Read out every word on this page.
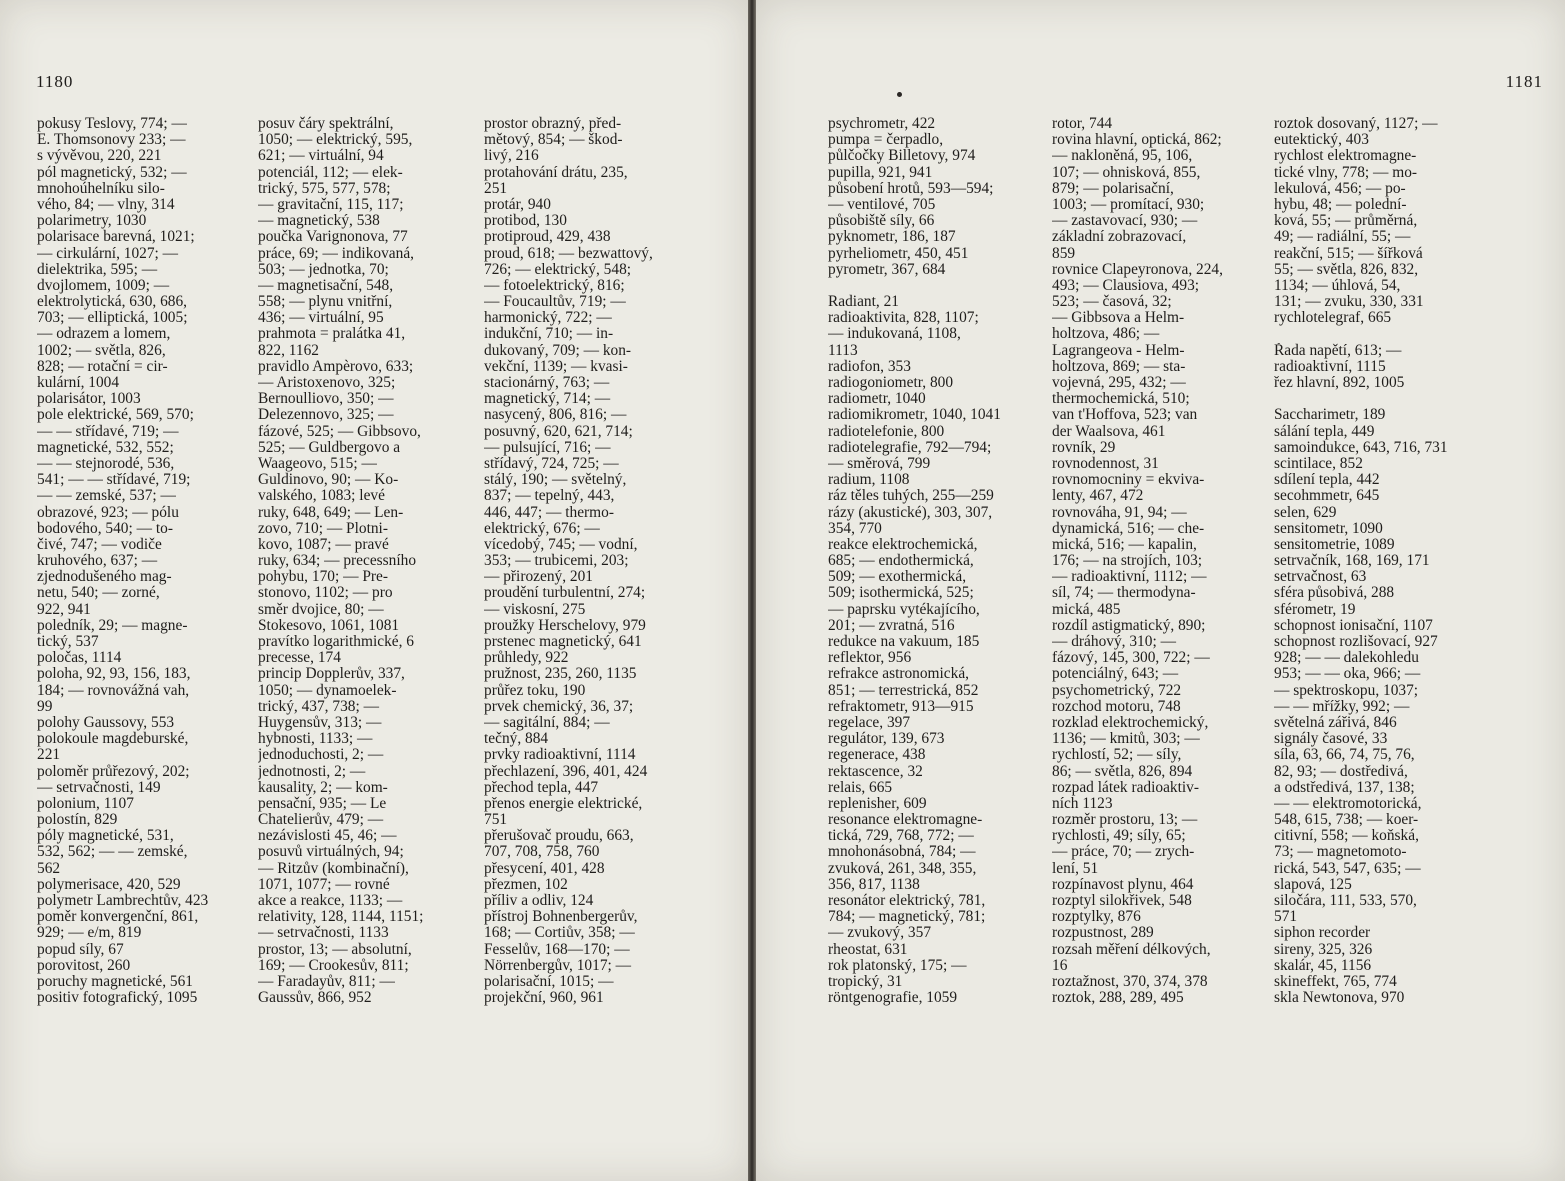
1180
pokusy Teslovy, 774; —
E. Thomsonovy 233; —
s vývěvou, 220, 221
pól magnetický, 532; —
mnohoúhelníku silo-
vého, 84; — vlny, 314
polarimetry, 1030
polarisace barevná, 1021;
— cirkulární, 1027; —
dielektrika, 595; —
dvojlomem, 1009; —
elektrolytická, 630, 686,
703; — elliptická, 1005;
— odrazem a lomem,
1002; — světla, 826,
828; — rotační = cir-
kulární, 1004
polarisátor, 1003
pole elektrické, 569, 570;
— — střídavé, 719; —
magnetické, 532, 552;
— — stejnorodé, 536,
541; — — střídavé, 719;
— — zemské, 537; —
obrazové, 923; — pólu
bodového, 540; — to-
čivé, 747; — vodiče
kruhového, 637; —
zjednodušeného mag-
netu, 540; — zorné,
922, 941
poledník, 29; — magne-
tický, 537
poločas, 1114
poloha, 92, 93, 156, 183,
184; — rovnovážná vah,
99
polohy Gaussovy, 553
polokoule magdeburské,
221
poloměr průřezový, 202;
— setrvačnosti, 149
polonium, 1107
polostín, 829
póly magnetické, 531,
532, 562; — — zemské,
562
polymerisace, 420, 529
polymetr Lambrechtův, 423
poměr konvergenční, 861,
929; — e/m, 819
popud síly, 67
porovitost, 260
poruchy magnetické, 561
positiv fotografický, 1095
posuv čáry spektrální,
1050; — elektrický, 595,
621; — virtuální, 94
potenciál, 112; — elek-
trický, 575, 577, 578;
— gravitační, 115, 117;
— magnetický, 538
poučka Varignonova, 77
práce, 69; — indikovaná,
503; — jednotka, 70;
— magnetisační, 548,
558; — plynu vnitřní,
436; — virtuální, 95
prahmota = pralátka 41,
822, 1162
pravidlo Ampèrovo, 633;
— Aristoxenovo, 325;
Bernoulliovo, 350; —
Delezennovo, 325; —
fázové, 525; — Gibbsovo,
525; — Guldbergovo a
Waageovo, 515; —
Guldinovo, 90; — Ko-
valského, 1083; levé
ruky, 648, 649; — Len-
zovo, 710; — Plotni-
kovo, 1087; — pravé
ruky, 634; — precessního
pohybu, 170; — Pre-
stonovo, 1102; — pro
směr dvojice, 80; —
Stokesovo, 1061, 1081
pravítko logarithmické, 6
precesse, 174
princip Dopplerův, 337,
1050; — dynamoelek-
trický, 437, 738; —
Huygensův, 313; —
hybnosti, 1133; —
jednoduchosti, 2; —
jednotnosti, 2; —
kausality, 2; — kom-
pensační, 935; — Le
Chatelierův, 479; —
nezávislosti 45, 46; —
posuvů virtuálných, 94;
— Ritzův (kombinační),
1071, 1077; — rovné
akce a reakce, 1133; —
relativity, 128, 1144, 1151;
— setrvačnosti, 1133
prostor, 13; — absolutní,
169; — Crookesův, 811;
— Faradayův, 811; —
Gaussův, 866, 952
prostor obrazný, před-
mětový, 854; — škod-
livý, 216
protahování drátu, 235,
251
protár, 940
protibod, 130
protiproud, 429, 438
proud, 618; — bezwattový,
726; — elektrický, 548;
— fotoelektrický, 816;
— Foucaultův, 719; —
harmonický, 722; —
indukční, 710; — in-
dukovaný, 709; — kon-
vekční, 1139; — kvasi-
stacionárný, 763; —
magnetický, 714; —
nasycený, 806, 816; —
posuvný, 620, 621, 714;
— pulsující, 716; —
střídavý, 724, 725; —
stálý, 190; — světelný,
837; — tepelný, 443,
446, 447; — thermo-
elektrický, 676; —
vícedobý, 745; — vodní,
353; — trubicemi, 203;
— přirozený, 201
proudění turbulentní, 274;
— viskosní, 275
proužky Herschelovy, 979
prstenec magnetický, 641
průhledy, 922
pružnost, 235, 260, 1135
průřez toku, 190
prvek chemický, 36, 37;
— sagitální, 884; —
tečný, 884
prvky radioaktivní, 1114
přechlazení, 396, 401, 424
přechod tepla, 447
přenos energie elektrické,
751
přerušovač proudu, 663,
707, 708, 758, 760
přesycení, 401, 428
přezmen, 102
příliv a odliv, 124
přístroj Bohnenbergerův,
168; — Cortiův, 358; —
Fesselův, 168—170; —
Nörrenbergův, 1017; —
polarisační, 1015; —
projekční, 960, 961
1181
psychrometr, 422
pumpa = čerpadlo,
půlčočky Billetovy, 974
pupilla, 921, 941
působení hrotů, 593—594;
— ventilové, 705
působiště síly, 66
pyknometr, 186, 187
pyrheliometr, 450, 451
pyrometr, 367, 684
Radiant, 21
radioaktivita, 828, 1107;
— indukovaná, 1108,
1113
radiofon, 353
radiogoniometr, 800
radiometr, 1040
radiomikrometr, 1040, 1041
radiotelefonie, 800
radiotelegrafie, 792—794;
— směrová, 799
radium, 1108
ráz těles tuhých, 255—259
rázy (akustické), 303, 307,
354, 770
reakce elektrochemická,
685; — endothermická,
509; — exothermická,
509; isothermická, 525;
— paprsku vytékajícího,
201; — zvratná, 516
redukce na vakuum, 185
reflektor, 956
refrakce astronomická,
851; — terrestrická, 852
refraktometr, 913—915
regelace, 397
regulátor, 139, 673
regenerace, 438
rektascence, 32
relais, 665
replenisher, 609
resonance elektromagne-
tická, 729, 768, 772; —
mnohonásobná, 784; —
zvuková, 261, 348, 355,
356, 817, 1138
resonátor elektrický, 781,
784; — magnetický, 781;
— zvukový, 357
rheostat, 631
rok platonský, 175; —
tropický, 31
röntgenografie, 1059
rotor, 744
rovina hlavní, optická, 862;
— nakloněná, 95, 106,
107; — ohnisková, 855,
879; — polarisační,
1003; — promítací, 930;
— zastavovací, 930; —
základní zobrazovací,
859
rovnice Clapeyronova, 224,
493; — Clausiova, 493;
523; — časová, 32;
— Gibbsova a Helm-
holtzova, 486; —
Lagrangeova - Helm-
holtzova, 869; — sta-
vojevná, 295, 432; —
thermochemická, 510;
van t'Hoffova, 523; van
der Waalsova, 461
rovník, 29
rovnodennost, 31
rovnomocniny = ekviva-
lenty, 467, 472
rovnováha, 91, 94; —
dynamická, 516; — che-
mická, 516; — kapalin,
176; — na strojích, 103;
— radioaktivní, 1112; —
síl, 74; — thermodyna-
mická, 485
rozdíl astigmatický, 890;
— dráhový, 310; —
fázový, 145, 300, 722; —
potenciálný, 643; —
psychometrický, 722
rozchod motoru, 748
rozklad elektrochemický,
1136; — kmitů, 303; —
rychlostí, 52; — síly,
86; — světla, 826, 894
rozpad látek radioaktiv-
ních 1123
rozměr prostoru, 13; —
rychlosti, 49; síly, 65;
— práce, 70; — zrych-
lení, 51
rozpínavost plynu, 464
rozptyl silokřivek, 548
rozptylky, 876
rozpustnost, 289
rozsah měření délkových,
16
roztažnost, 370, 374, 378
roztok, 288, 289, 495
roztok dosovaný, 1127; —
eutektický, 403
rychlost elektromagne-
tické vlny, 778; — mo-
lekulová, 456; — po-
hybu, 48; — polední-
ková, 55; — průměrná,
49; — radiální, 55; —
reakční, 515; — šířková
55; — světla, 826, 832,
1134; — úhlová, 54,
131; — zvuku, 330, 331
rychlotelegraf, 665
Řada napětí, 613; —
radioaktivní, 1115
řez hlavní, 892, 1005
Saccharimetr, 189
sálání tepla, 449
samoindukce, 643, 716, 731
scintilace, 852
sdílení tepla, 442
secohmmetr, 645
selen, 629
sensitometr, 1090
sensitometrie, 1089
setrvačník, 168, 169, 171
setrvačnost, 63
sféra působivá, 288
sférometr, 19
schopnost ionisační, 1107
schopnost rozlišovací, 927
928; — — dalekohledu
953; — — oka, 966; —
— spektroskopu, 1037;
— — mřížky, 992; —
světelná zářivá, 846
signály časové, 33
síla, 63, 66, 74, 75, 76,
82, 93; — dostředivá,
a odstředivá, 137, 138;
— — elektromotorická,
548, 615, 738; — koer-
citivní, 558; — koňská,
73; — magnetomoto-
rická, 543, 547, 635; —
slapová, 125
siločára, 111, 533, 570,
571
siphon recorder
sireny, 325, 326
skalár, 45, 1156
skineffekt, 765, 774
skla Newtonova, 970
